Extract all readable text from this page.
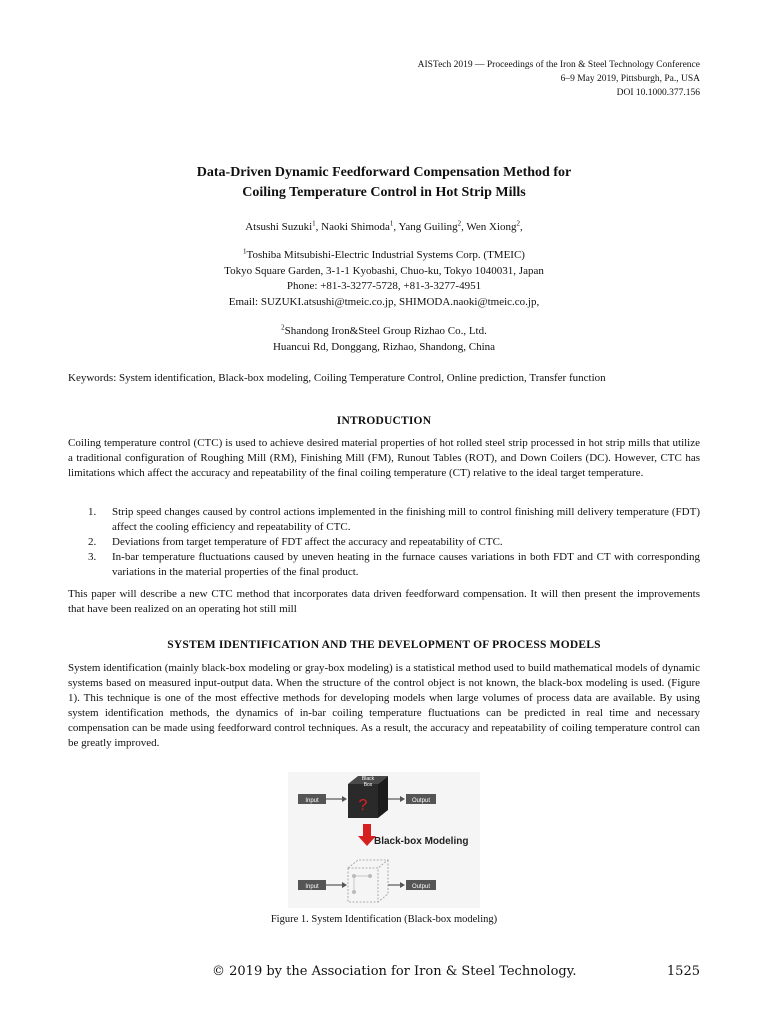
AISTech 2019 — Proceedings of the Iron & Steel Technology Conference
6–9 May 2019, Pittsburgh, Pa., USA
DOI 10.1000.377.156
Data-Driven Dynamic Feedforward Compensation Method for
Coiling Temperature Control in Hot Strip Mills
Atsushi Suzuki$^1$, Naoki Shimoda$^1$, Yang Guiling$^2$, Wen Xiong$^2$,
$^1$Toshiba Mitsubishi-Electric Industrial Systems Corp. (TMEIC)
Tokyo Square Garden, 3-1-1 Kyobashi, Chuo-ku, Tokyo 1040031, Japan
Phone: +81-3-3277-5728, +81-3-3277-4951
Email: SUZUKI.atsushi@tmeic.co.jp, SHIMODA.naoki@tmeic.co.jp,
$^2$Shandong Iron&Steel Group Rizhao Co., Ltd.
Huancui Rd, Donggang, Rizhao, Shandong, China
Keywords: System identification, Black-box modeling, Coiling Temperature Control, Online prediction, Transfer function
INTRODUCTION
Coiling temperature control (CTC) is used to achieve desired material properties of hot rolled steel strip processed in hot strip mills that utilize a traditional configuration of Roughing Mill (RM), Finishing Mill (FM), Runout Tables (ROT), and Down Coilers (DC). However, CTC has limitations which affect the accuracy and repeatability of the final coiling temperature (CT) relative to the ideal target temperature.
1. Strip speed changes caused by control actions implemented in the finishing mill to control finishing mill delivery temperature (FDT) affect the cooling efficiency and repeatability of CTC.
2. Deviations from target temperature of FDT affect the accuracy and repeatability of CTC.
3. In-bar temperature fluctuations caused by uneven heating in the furnace causes variations in both FDT and CT with corresponding variations in the material properties of the final product.
This paper will describe a new CTC method that incorporates data driven feedforward compensation. It will then present the improvements that have been realized on an operating hot still mill
SYSTEM IDENTIFICATION AND THE DEVELOPMENT OF PROCESS MODELS
System identification (mainly black-box modeling or gray-box modeling) is a statistical method used to build mathematical models of dynamic systems based on measured input-output data. When the structure of the control object is not known, the black-box modeling is used. (Figure 1). This technique is one of the most effective methods for developing models when large volumes of process data are available. By using system identification methods, the dynamics of in-bar coiling temperature fluctuations can be predicted in real time and necessary compensation can be made using feedforward control techniques. As a result, the accuracy and repeatability of coiling temperature control can be greatly improved.
Input
Black
Box
?	Output
Black-box Modeling
Input	Output
Figure 1. System Identification (Black-box modeling)
© 2019 by the Association for Iron & Steel Technology.	1525
